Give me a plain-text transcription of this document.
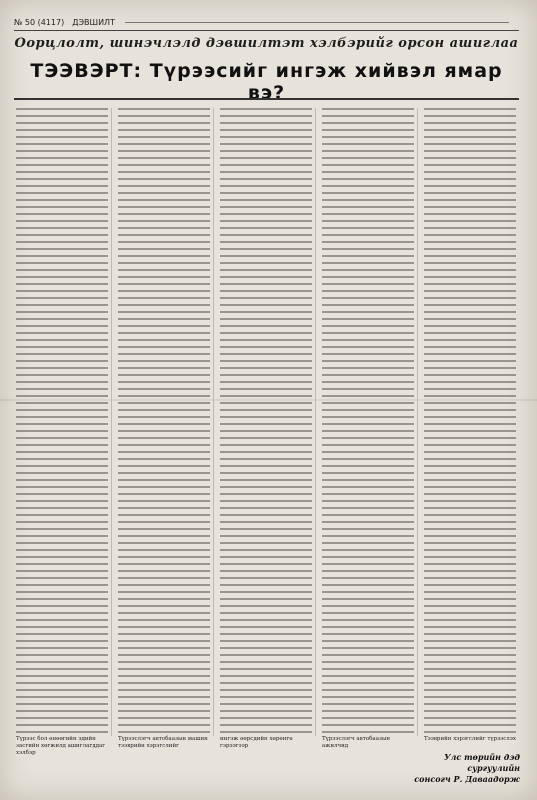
№ 50 (4117) ДЭВШИЛТ
Оорцлолт, шинэчлэлд дэвшилтэт хэлбэрийг орсон ашиглаа
ТЭЭВЭРТ: Түрээсийг ингэж хийвэл ямар вэ?
Түрээс бол өнөөгийн эдийн засгийн хөгжилд ашиглагддаг хэлбэр
Түрээслэгч автобаазын машин тээврийн хэрэгслийг
ингэж өөрсдийн хөрөнгө гэрээгээр
Түрээслэгч автобаазын ажилчид
Тээврийн хэрэгслийг түрээслэх
Улс төрийн дэд сургуулийн
сонсогч Р. Даваадорж
